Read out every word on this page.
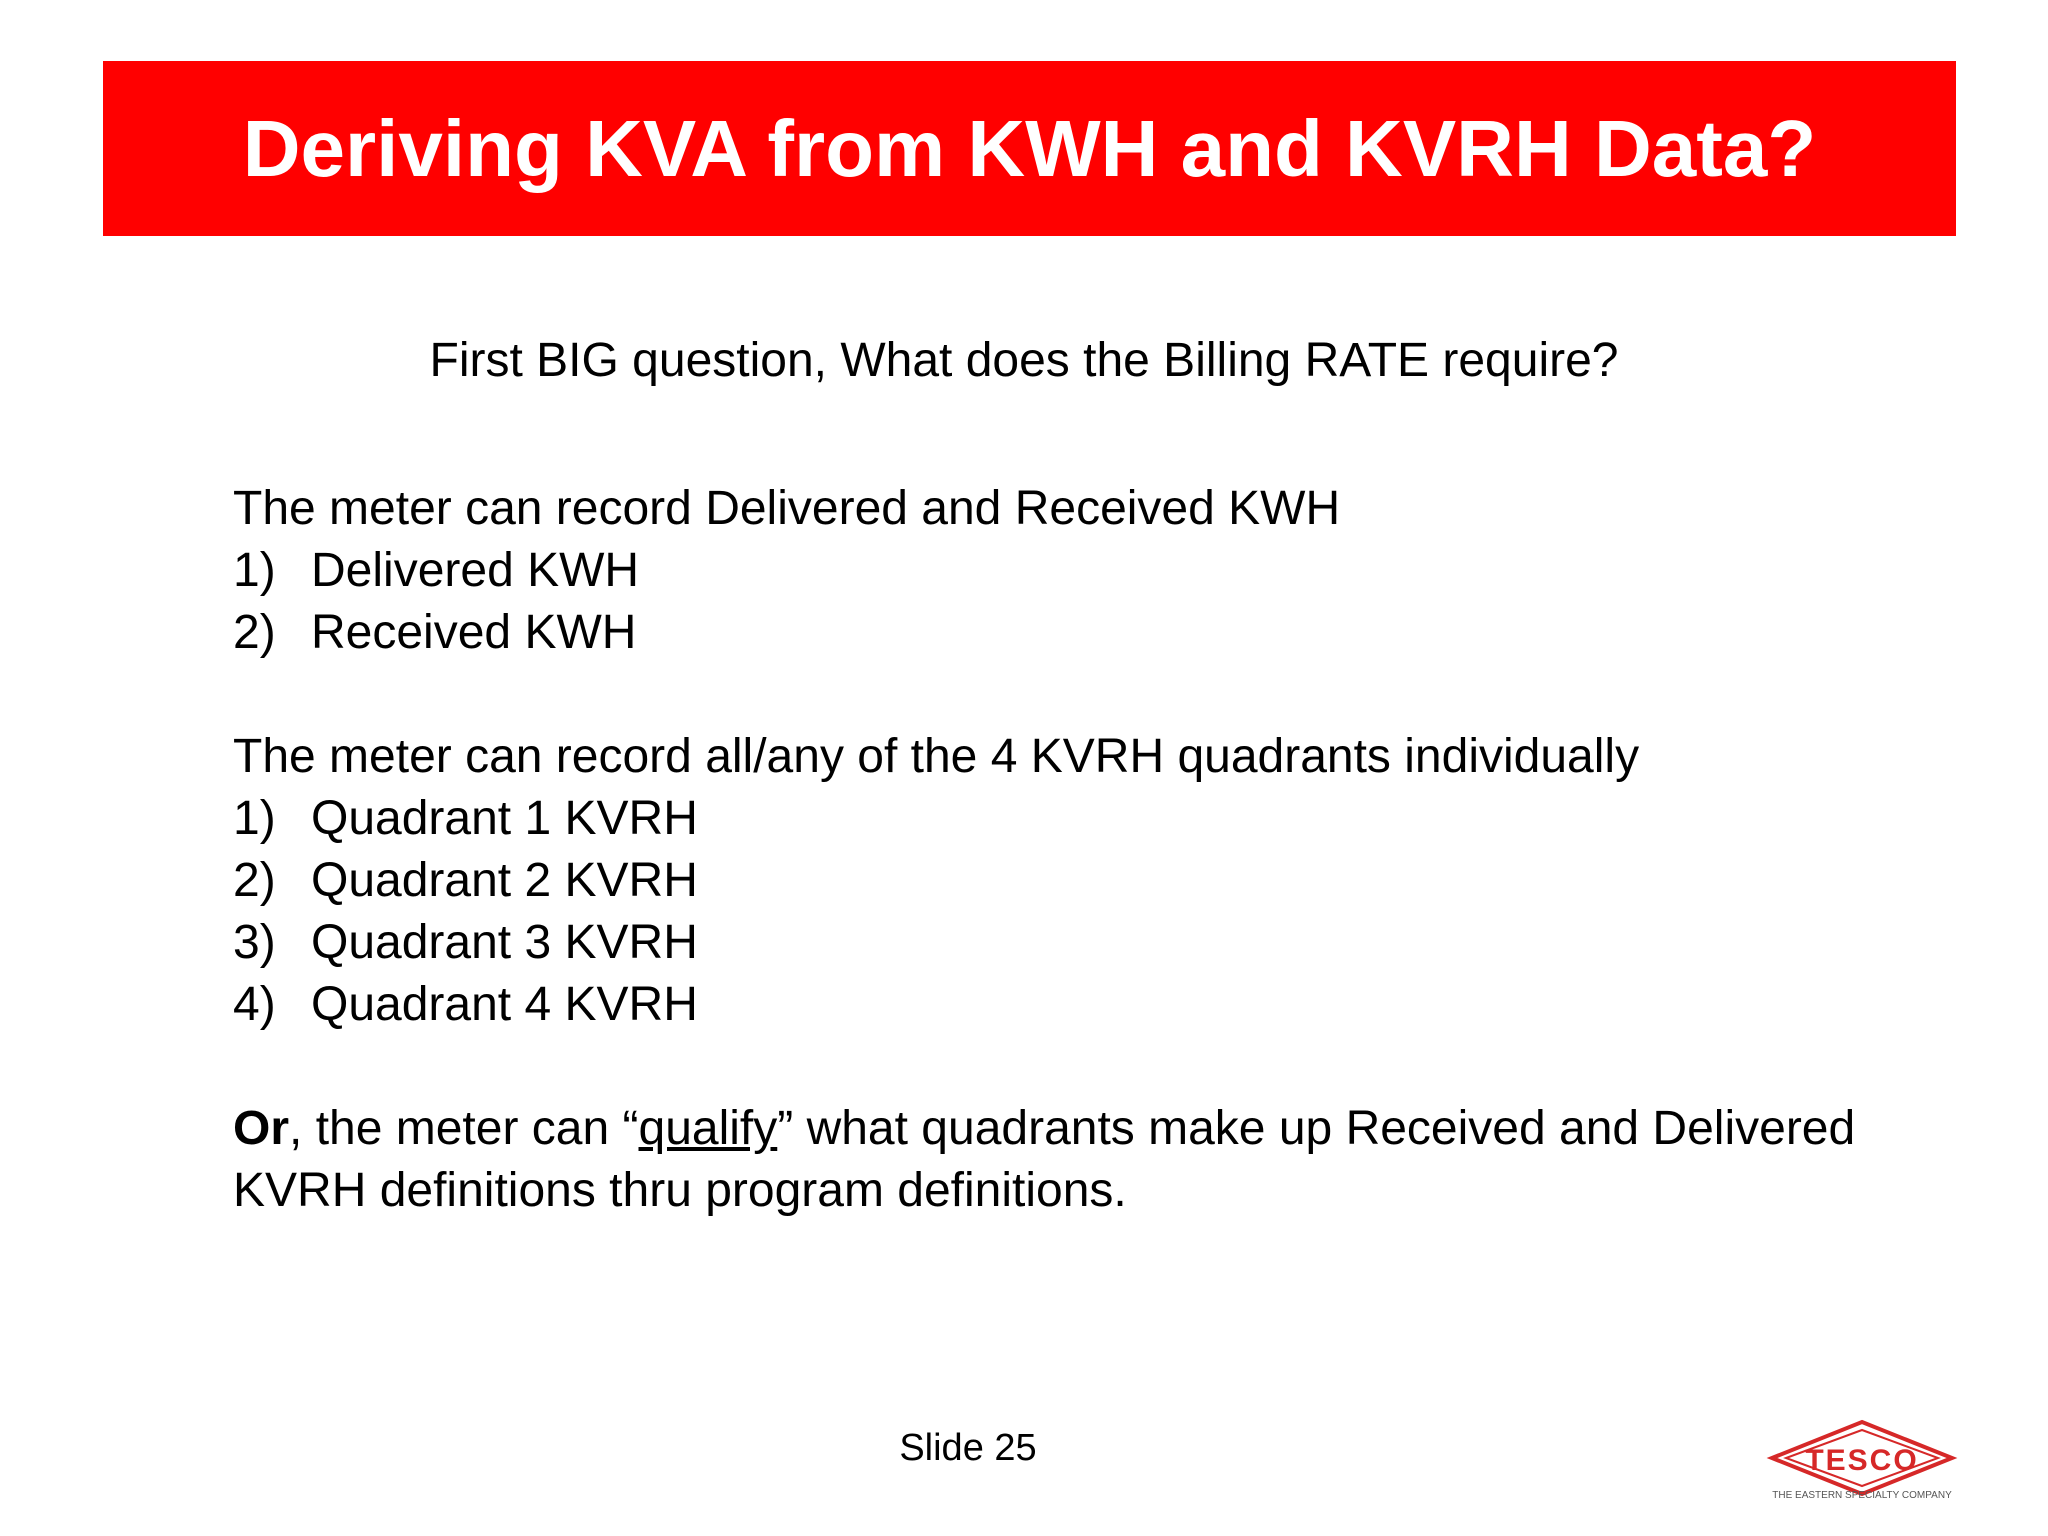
Deriving KVA from KWH and KVRH Data?
First BIG question, What does the Billing RATE require?
The meter can record Delivered and Received KWH
1) Delivered KWH
2) Received KWH
The meter can record all/any of the 4 KVRH quadrants individually
1) Quadrant 1 KVRH
2) Quadrant 2 KVRH
3) Quadrant 3 KVRH
4) Quadrant 4 KVRH
Or, the meter can “qualify” what quadrants make up Received and Delivered KVRH definitions thru program definitions.
Slide 25	TESCO
THE EASTERN SPECIALTY COMPANY
